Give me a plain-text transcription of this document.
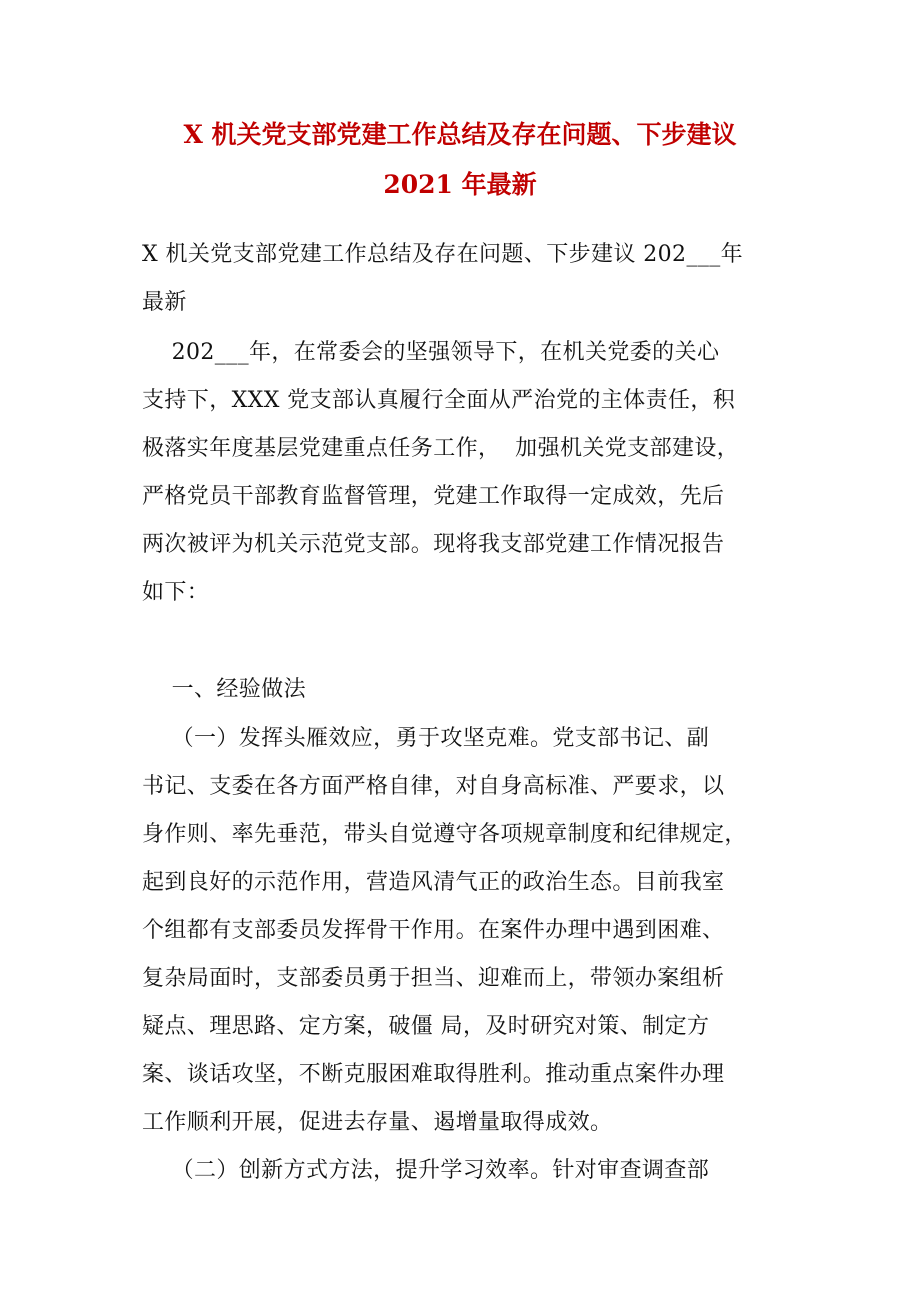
X 机关党支部党建工作总结及存在问题、下步建议
2021 年最新
X 机关党支部党建工作总结及存在问题、下步建议 202___年
最新
202___年，在常委会的坚强领导下，在机关党委的关心
支持下，XXX 党支部认真履行全面从严治党的主体责任，积
极落实年度基层党建重点任务工作，  加强机关党支部建设，
严格党员干部教育监督管理，党建工作取得一定成效，先后
两次被评为机关示范党支部。现将我支部党建工作情况报告
如下：
一、经验做法
（一）发挥头雁效应，勇于攻坚克难。党支部书记、副
书记、支委在各方面严格自律，对自身高标准、严要求，以
身作则、率先垂范，带头自觉遵守各项规章制度和纪律规定，
起到良好的示范作用，营造风清气正的政治生态。目前我室
个组都有支部委员发挥骨干作用。在案件办理中遇到困难、
复杂局面时，支部委员勇于担当、迎难而上，带领办案组析
疑点、理思路、定方案，破僵 局，及时研究对策、制定方
案、谈话攻坚，不断克服困难取得胜利。推动重点案件办理
工作顺利开展，促进去存量、遏增量取得成效。
（二）创新方式方法，提升学习效率。针对审查调查部
